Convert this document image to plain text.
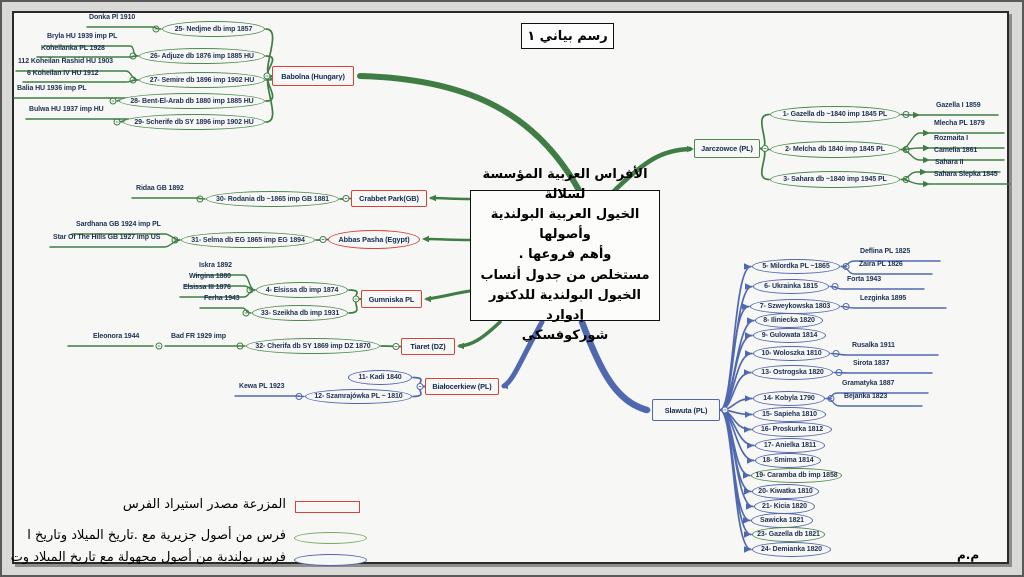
Babolna (Hungary)
25- Nedjme db imp 1857
Donka Pl 1910
26- Adjuze db 1876 imp 1885 HU
Bryla HU 1939 imp PL
Koheilanka PL 1928
27- Semire db 1896 imp 1902 HU
112 Koheilan Rashid HU 1903
6 Koheilan IV HU 1912
28- Bent-El-Arab db 1880 imp 1885 HU
Balia HU 1936 imp PL
29- Scherife db SY 1896 imp 1902 HU
Bulwa HU 1937 imp HU
Jarczowce (PL)
1- Gazella db ~1840 imp 1845 PL
Gazella I 1859
2- Melcha db 1840 imp 1845 PL
Mlecha PL 1879
Rozmaita I
Camelia 1861
3- Sahara db ~1840 imp 1945 PL
Sahara II
Sahara Slepka 1845
Crabbet Park(GB)
30- Rodania db ~1865 imp GB 1881
Ridaa GB 1892
Abbas Pasha (Egypt)
31- Selma db EG 1865 imp EG 1894
Sardhana GB 1924 imp PL
Star Of The Hills GB 1927 imp US
Gumniska PL
4- Elsissa db imp 1874
Iskra 1892
Wirgina 1880
Elsissa III 1876
33- Szeikha db imp 1931
Ferha 1943
Tiaret (DZ)
32- Cherifa db SY 1869 imp DZ 1870
Bad FR 1929 imp
Eleonora 1944
Białocerkiew (PL)
11- Kadi 1840
12- Szamrajówka PL ~ 1810
Kewa PL 1923
Slawuta (PL)
5- Milordka PL ~1865
Deflina PL 1825
Zaira PL 1826
6- Ukrainka 1815
Forta 1943
7- Szweykowska 1803
Lezginka 1895
8- Iliniecka 1820
9- Gulowata 1814
10- Woloszka 1810
Rusalka 1911
13- Ostrogska 1820
Sirota 1837
14- Kobyla 1790
Gramatyka 1887
Bejanka 1823
15- Sapieha 1810
16- Proskurka 1812
17- Anielka 1811
18- Smima 1814
19- Caramba db imp 1858
20- Kiwatka 1810
21- Kicia 1820
Sawicka 1821
23- Gazella db 1821
24- Demianka 1820
رسم بياني ١
الأفراس العربية المؤسسة لسلالة
الخيول العربية البولندية وأصولها
وأهم فروعها .
مستخلص من جدول أنساب
الخيول البولندية للدكتور إدوارد
شوركوفسكي
المزرعة مصدر استيراد الفرس
فرس من أصول جزيرية مع .تاريخ الميلاد وتاريخ ا
فرس بولندية من أصول مجهولة مع تاريخ الميلاد وت	م.م
